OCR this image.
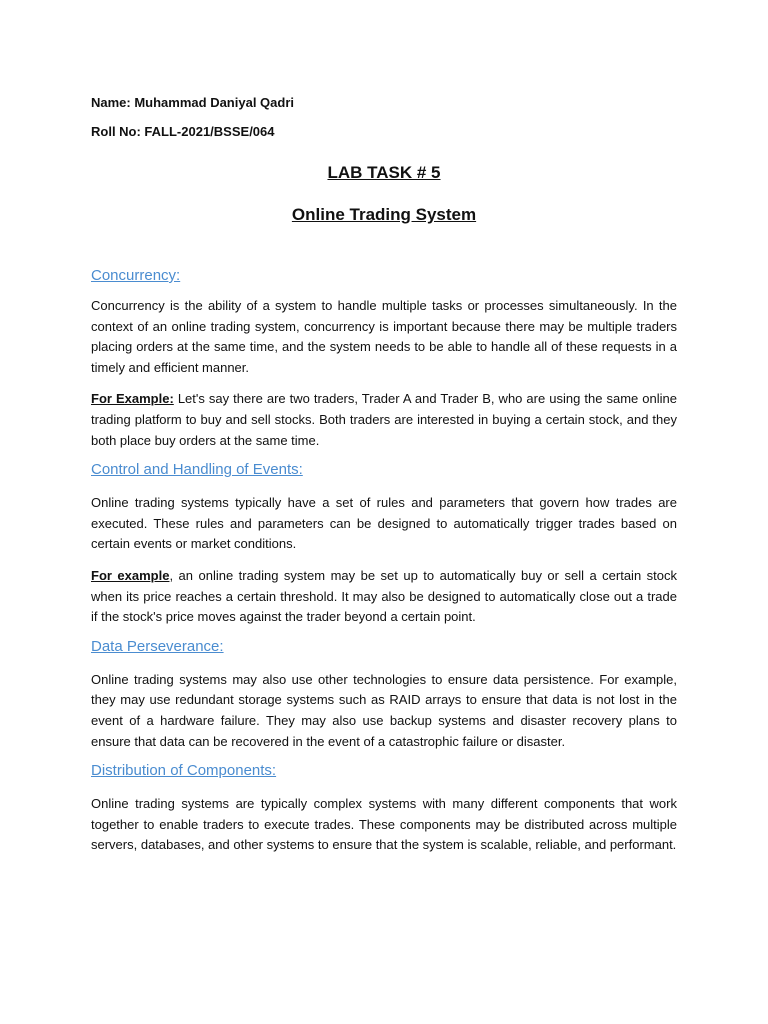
Name: Muhammad Daniyal Qadri
Roll No: FALL-2021/BSSE/064
LAB TASK # 5
Online Trading System
Concurrency:

Concurrency is the ability of a system to handle multiple tasks or processes simultaneously. In the context of an online trading system, concurrency is important because there may be multiple traders placing orders at the same time, and the system needs to be able to handle all of these requests in a timely and efficient manner.

For Example: Let's say there are two traders, Trader A and Trader B, who are using the same online trading platform to buy and sell stocks. Both traders are interested in buying a certain stock, and they both place buy orders at the same time.

Control and Handling of Events:

Online trading systems typically have a set of rules and parameters that govern how trades are executed. These rules and parameters can be designed to automatically trigger trades based on certain events or market conditions.

For example, an online trading system may be set up to automatically buy or sell a certain stock when its price reaches a certain threshold. It may also be designed to automatically close out a trade if the stock's price moves against the trader beyond a certain point.

Data Perseverance:

Online trading systems may also use other technologies to ensure data persistence. For example, they may use redundant storage systems such as RAID arrays to ensure that data is not lost in the event of a hardware failure. They may also use backup systems and disaster recovery plans to ensure that data can be recovered in the event of a catastrophic failure or disaster.

Distribution of Components:

Online trading systems are typically complex systems with many different components that work together to enable traders to execute trades. These components may be distributed across multiple servers, databases, and other systems to ensure that the system is scalable, reliable, and performant.
